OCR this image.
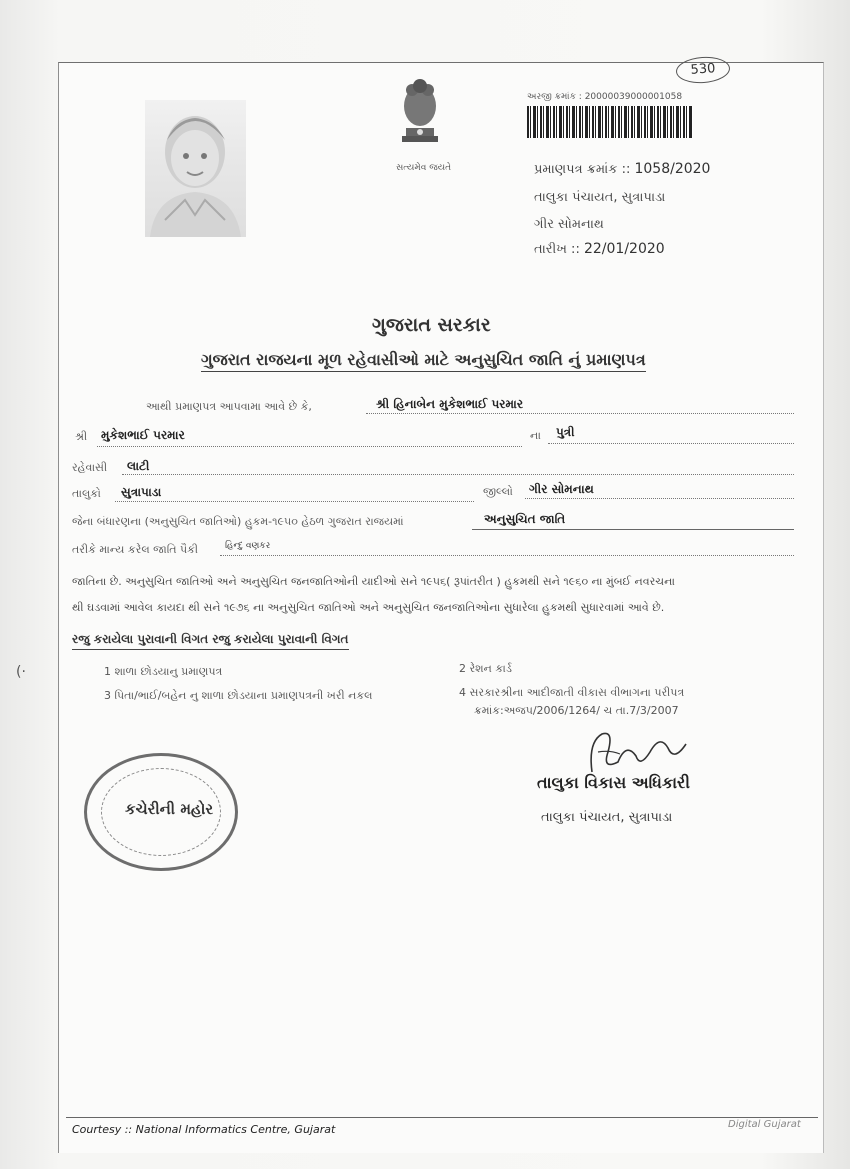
સત્યમેવ જયતે
530
અરજી ક્રમાંક : 20000039000001058
પ્રમાણપત્ર ક્રમાંક :: 1058/2020
તાલુકા પંચાયત, સુત્રાપાડા
ગીર સોમનાથ
તારીખ :: 22/01/2020
ગુજરાત સરકાર
ગુજરાત રાજયના મૂળ રહેવાસીઓ માટે અનુસુચિત જાતિ નું પ્રમાણપત્ર
આથી પ્રમાણપત્ર આપવામા આવે છે કે,	શ્રી હિનાબેન મુકેશભાઈ પરમાર
શ્રી મુકેશભાઈ પરમાર	ના પુત્રી
રહેવાસી લાટી
તાલુકો સુત્રાપાડા	જીલ્લો ગીર સોમનાથ
જેના બંધારણના (અનુસુચિત જાતિઓ) હુકમ-૧૯૫૦ હેઠળ ગુજરાત રાજયમાં	અનુસુચિત જાતિ
તરીકે માન્ય કરેલ જાતિ પૈકી	હિન્દુ વણકર
જાતિના છે. અનુસુચિત જાતિઓ અને અનુસુચિત જનજાતિઓની યાદીઓ સને ૧૯૫૬( રૂપાંતરીત ) હુકમથી સને ૧૯૬૦ ના મુંબઈ નવરચના
થી ઘડવામાં આવેલ કાયદા થી સને ૧૯૭૬ ના અનુસુચિત જાતિઓ અને અનુસુચિત જનજાતિઓના સુધારેલા હુકમથી સુધારવામાં આવે છે.
રજુ કરાયેલા પુરાવાની વિગત રજુ કરાયેલા પુરાવાની વિગત
(·	1 શાળા છોડયાનુ પ્રમાણપત્ર	2 રેશન કાર્ડ
3 પિતા/ભાઈ/બહેન નુ શાળા છોડયાના પ્રમાણપત્રની ખરી નકલ	4 સરકારશ્રીના આદીજાતી વીકાસ વીભાગના પરીપત્ર
ક્રમાંક:અજપ/2006/1264/ ચ તા.7/3/2007
કચેરીની મહોર
તાલુકા વિકાસ અધિકારી
તાલુકા પંચાયત, સુત્રાપાડા
Courtesy :: National Informatics Centre, Gujarat	Digital Gujarat
